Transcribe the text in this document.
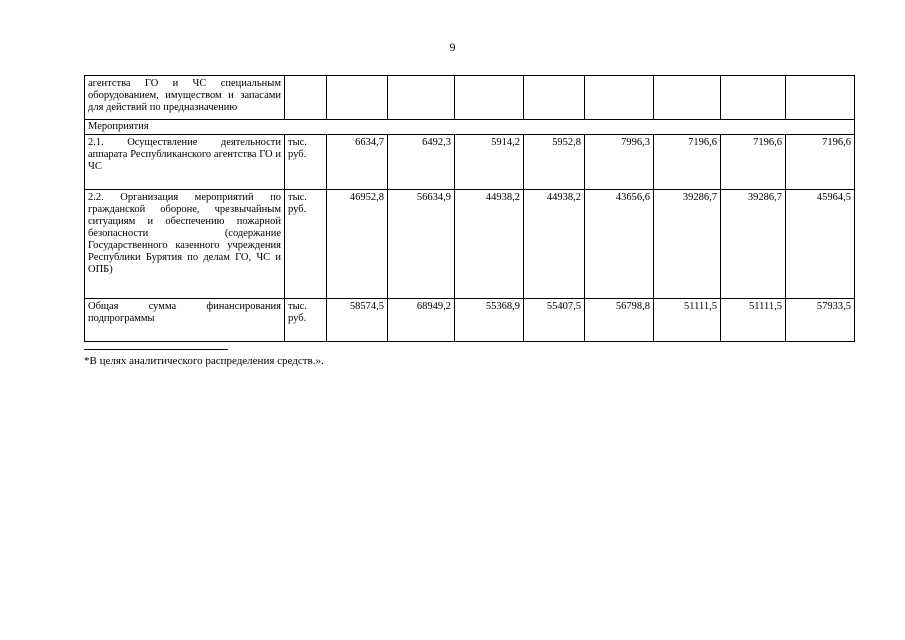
9
агентства ГО и ЧС специальным оборудованием, имуществом и запасами для действий по предназначению									
Мероприятия									
2.1. Осуществление деятельности аппарата Республиканского агентства ГО и ЧС	тыс. руб.	6634,7	6492,3	5914,2	5952,8	7996,3	7196,6	7196,6	7196,6
2.2. Организация мероприятий по гражданской обороне, чрезвычайным ситуациям и обеспечению пожарной безопасности (содержание Государственного казенного учреждения Республики Бурятия по делам ГО, ЧС и ОПБ)	тыс. руб.	46952,8	56634,9	44938,2	44938,2	43656,6	39286,7	39286,7	45964,5
Общая сумма финансирования подпрограммы	тыс. руб.	58574,5	68949,2	55368,9	55407,5	56798,8	51111,5	51111,5	57933,5
*В целях аналитического распределения средств.».
